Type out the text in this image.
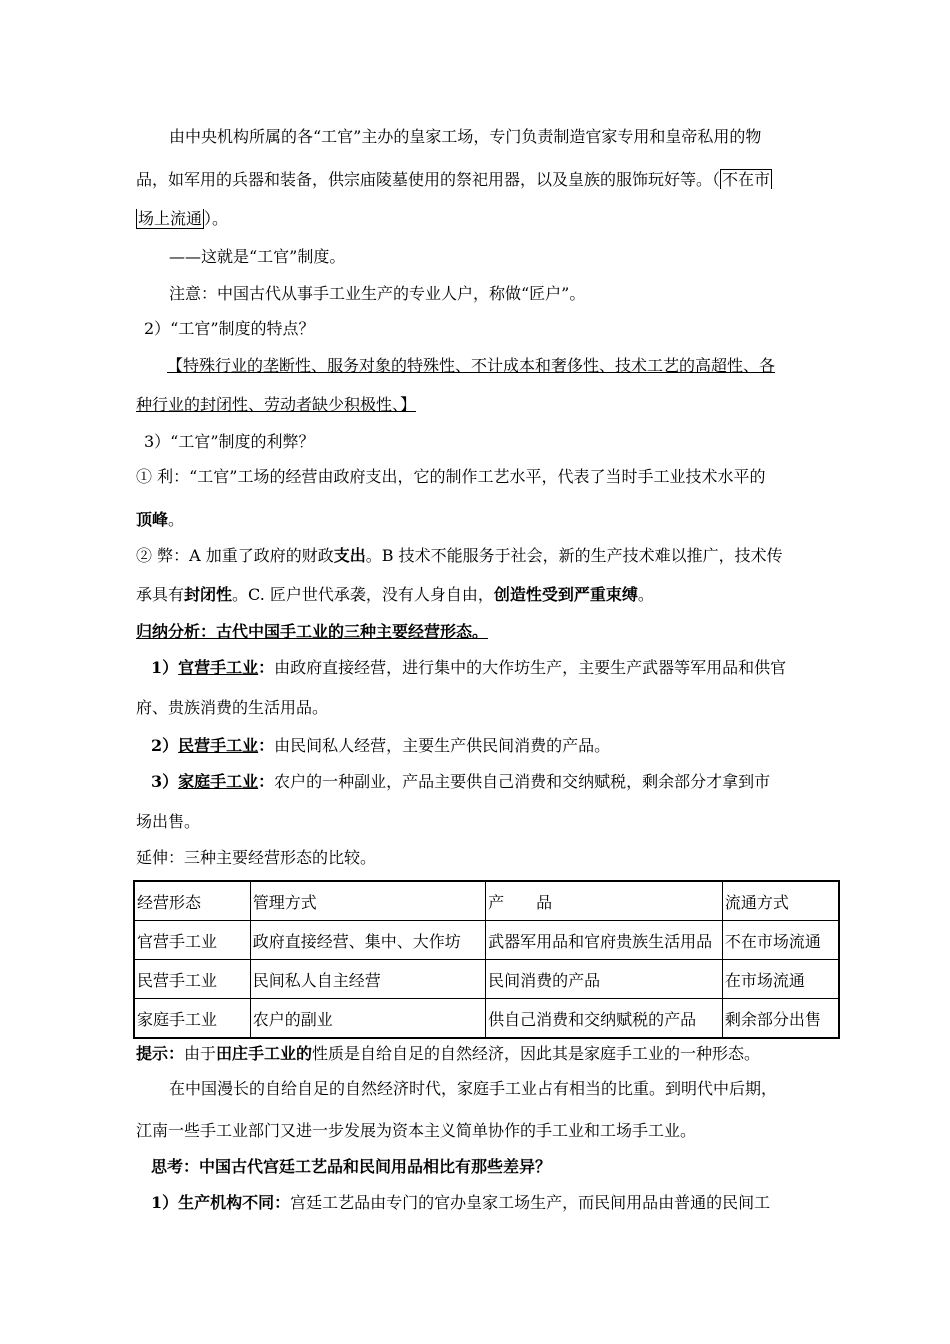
由中央机构所属的各“工官”主办的皇家工场，专门负责制造官家专用和皇帝私用的物
品，如军用的兵器和装备，供宗庙陵墓使用的祭祀用器，以及皇族的服饰玩好等。（ 不在市
场上流通 ）。
——这就是“工官”制度。
注意：中国古代从事手工业生产的专业人户，称做“匠户”。
2）“工官”制度的特点？
【特殊行业的垄断性、服务对象的特殊性、不计成本和奢侈性、技术工艺的高超性、各
种行业的封闭性、劳动者缺少积极性、】
3）“工官”制度的利弊？
① 利：“工官”工场的经营由政府支出，它的制作工艺水平，代表了当时手工业技术水平的
顶峰。
② 弊：A 加重了政府的财政支出。B 技术不能服务于社会，新的生产技术难以推广，技术传
承具有封闭性。C. 匠户世代承袭，没有人身自由，创造性受到严重束缚。
归纳分析：古代中国手工业的三种主要经营形态。
1）官营手工业：由政府直接经营，进行集中的大作坊生产，主要生产武器等军用品和供官
府、贵族消费的生活用品。
2）民营手工业：由民间私人经营，主要生产供民间消费的产品。
3）家庭手工业：农户的一种副业，产品主要供自己消费和交纳赋税，剩余部分才拿到市
场出售。
延伸：三种主要经营形态的比较。
经营形态	管理方式	产　　品	流通方式
官营手工业	政府直接经营、集中、大作坊	武器军用品和官府贵族生活用品	不在市场流通
民营手工业	民间私人自主经营	民间消费的产品	在市场流通
家庭手工业	农户的副业	供自己消费和交纳赋税的产品	剩余部分出售
提示：由于田庄手工业的性质是自给自足的自然经济，因此其是家庭手工业的一种形态。
在中国漫长的自给自足的自然经济时代，家庭手工业占有相当的比重。到明代中后期，
江南一些手工业部门又进一步发展为资本主义简单协作的手工业和工场手工业。
思考：中国古代宫廷工艺品和民间用品相比有那些差异？
1）生产机构不同：宫廷工艺品由专门的官办皇家工场生产，而民间用品由普通的民间工
